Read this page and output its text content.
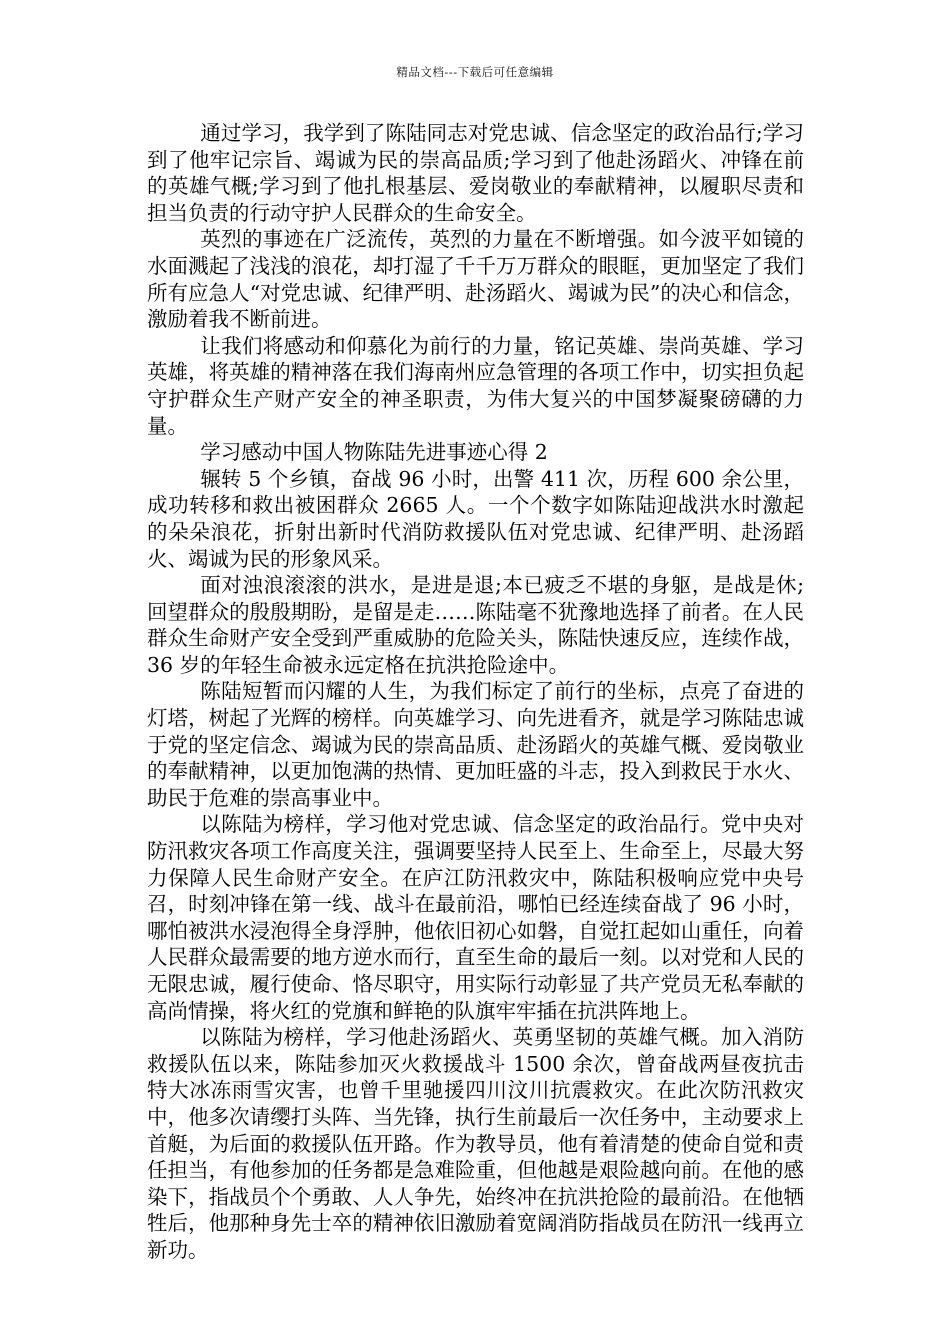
精品文档---下载后可任意编辑

通过学习，我学到了陈陆同志对党忠诚、信念坚定的政治品行;学习到了他牢记宗旨、竭诚为民的崇高品质;学习到了他赴汤蹈火、冲锋在前的英雄气概;学习到了他扎根基层、爱岗敬业的奉献精神，以履职尽责和担当负责的行动守护人民群众的生命安全。

英烈的事迹在广泛流传，英烈的力量在不断增强。如今波平如镜的水面溅起了浅浅的浪花，却打湿了千千万万群众的眼眶，更加坚定了我们所有应急人“对党忠诚、纪律严明、赴汤蹈火、竭诚为民”的决心和信念，激励着我不断前进。

让我们将感动和仰慕化为前行的力量，铭记英雄、崇尚英雄、学习英雄，将英雄的精神落在我们海南州应急管理的各项工作中，切实担负起守护群众生产财产安全的神圣职责，为伟大复兴的中国梦凝聚磅礴的力量。

学习感动中国人物陈陆先进事迹心得 2

辗转 5 个乡镇，奋战 96 小时，出警 411 次，历程 600 余公里，成功转移和救出被困群众 2665 人。一个个数字如陈陆迎战洪水时激起的朵朵浪花，折射出新时代消防救援队伍对党忠诚、纪律严明、赴汤蹈火、竭诚为民的形象风采。

面对浊浪滚滚的洪水，是进是退;本已疲乏不堪的身躯，是战是休;回望群众的殷殷期盼，是留是走……陈陆毫不犹豫地选择了前者。在人民群众生命财产安全受到严重威胁的危险关头，陈陆快速反应，连续作战，36 岁的年轻生命被永远定格在抗洪抢险途中。

陈陆短暂而闪耀的人生，为我们标定了前行的坐标，点亮了奋进的灯塔，树起了光辉的榜样。向英雄学习、向先进看齐，就是学习陈陆忠诚于党的坚定信念、竭诚为民的崇高品质、赴汤蹈火的英雄气概、爱岗敬业的奉献精神，以更加饱满的热情、更加旺盛的斗志，投入到救民于水火、助民于危难的崇高事业中。

以陈陆为榜样，学习他对党忠诚、信念坚定的政治品行。党中央对防汛救灾各项工作高度关注，强调要坚持人民至上、生命至上，尽最大努力保障人民生命财产安全。在庐江防汛救灾中，陈陆积极响应党中央号召，时刻冲锋在第一线、战斗在最前沿，哪怕已经连续奋战了 96 小时，哪怕被洪水浸泡得全身浮肿，他依旧初心如磐，自觉扛起如山重任，向着人民群众最需要的地方逆水而行，直至生命的最后一刻。以对党和人民的无限忠诚，履行使命、恪尽职守，用实际行动彰显了共产党员无私奉献的高尚情操，将火红的党旗和鲜艳的队旗牢牢插在抗洪阵地上。

以陈陆为榜样，学习他赴汤蹈火、英勇坚韧的英雄气概。加入消防救援队伍以来，陈陆参加灭火救援战斗 1500 余次，曾奋战两昼夜抗击特大冰冻雨雪灾害，也曾千里驰援四川汶川抗震救灾。在此次防汛救灾中，他多次请缨打头阵、当先锋，执行生前最后一次任务中，主动要求上首艇，为后面的救援队伍开路。作为教导员，他有着清楚的使命自觉和责任担当，有他参加的任务都是急难险重，但他越是艰险越向前。在他的感染下，指战员个个勇敢、人人争先，始终冲在抗洪抢险的最前沿。在他牺牲后，他那种身先士卒的精神依旧激励着宽阔消防指战员在防汛一线再立新功。
